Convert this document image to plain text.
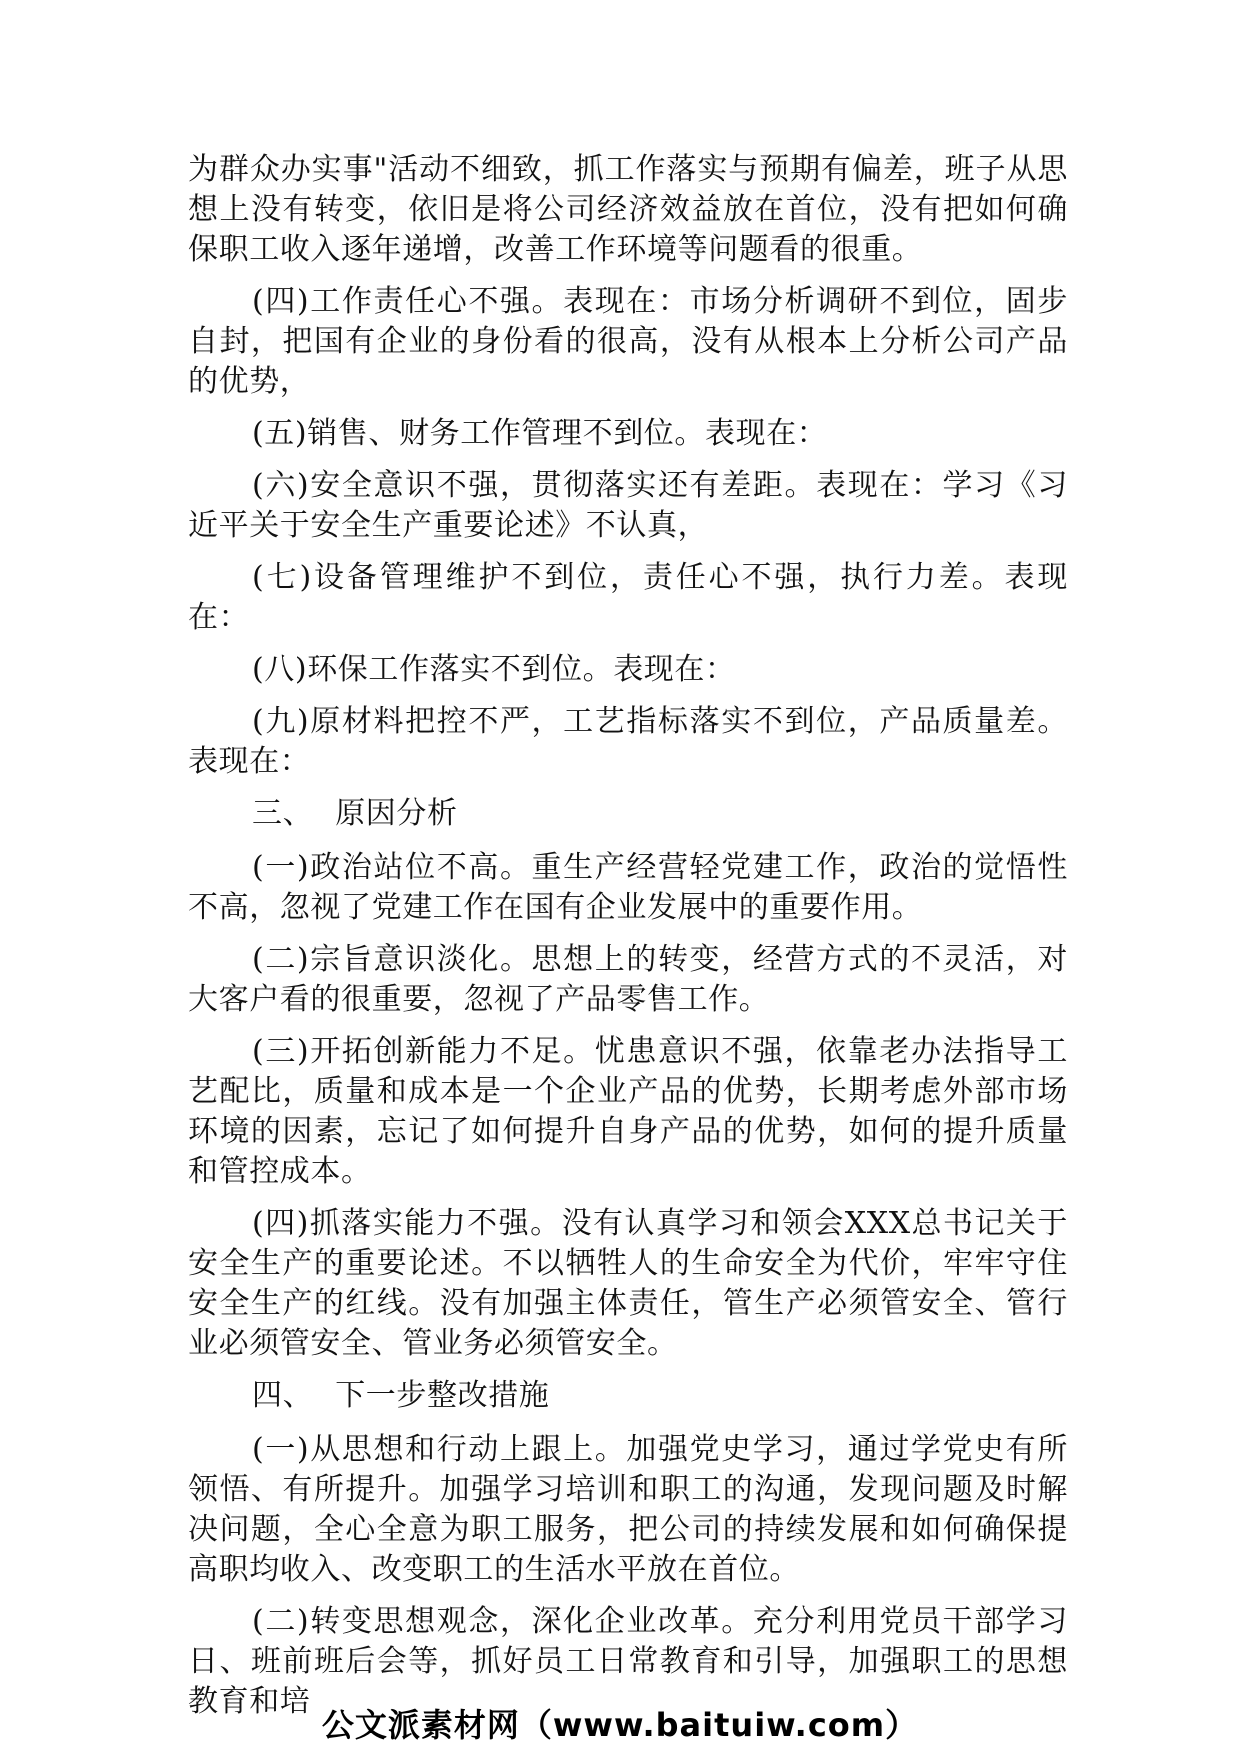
为群众办实事"活动不细致，抓工作落实与预期有偏差，班子从思想上没有转变，依旧是将公司经济效益放在首位，没有把如何确保职工收入逐年递增，改善工作环境等问题看的很重。

(四)工作责任心不强。表现在：市场分析调研不到位，固步自封，把国有企业的身份看的很高，没有从根本上分析公司产品的优势，

(五)销售、财务工作管理不到位。表现在：

(六)安全意识不强，贯彻落实还有差距。表现在：学习《习近平关于安全生产重要论述》不认真，

(七)设备管理维护不到位，责任心不强，执行力差。表现在：

(八)环保工作落实不到位。表现在：

(九)原材料把控不严，工艺指标落实不到位，产品质量差。表现在：

三、 原因分析

(一)政治站位不高。重生产经营轻党建工作，政治的觉悟性不高，忽视了党建工作在国有企业发展中的重要作用。

(二)宗旨意识淡化。思想上的转变，经营方式的不灵活，对大客户看的很重要，忽视了产品零售工作。

(三)开拓创新能力不足。忧患意识不强，依靠老办法指导工艺配比，质量和成本是一个企业产品的优势，长期考虑外部市场环境的因素，忘记了如何提升自身产品的优势，如何的提升质量和管控成本。

(四)抓落实能力不强。没有认真学习和领会XXX总书记关于安全生产的重要论述。不以牺牲人的生命安全为代价，牢牢守住安全生产的红线。没有加强主体责任，管生产必须管安全、管行业必须管安全、管业务必须管安全。

四、 下一步整改措施

(一)从思想和行动上跟上。加强党史学习，通过学党史有所领悟、有所提升。加强学习培训和职工的沟通，发现问题及时解决问题，全心全意为职工服务，把公司的持续发展和如何确保提高职均收入、改变职工的生活水平放在首位。

(二)转变思想观念，深化企业改革。充分利用党员干部学习日、班前班后会等，抓好员工日常教育和引导，加强职工的思想教育和培

公文派素材网（www.baituiw.com）
